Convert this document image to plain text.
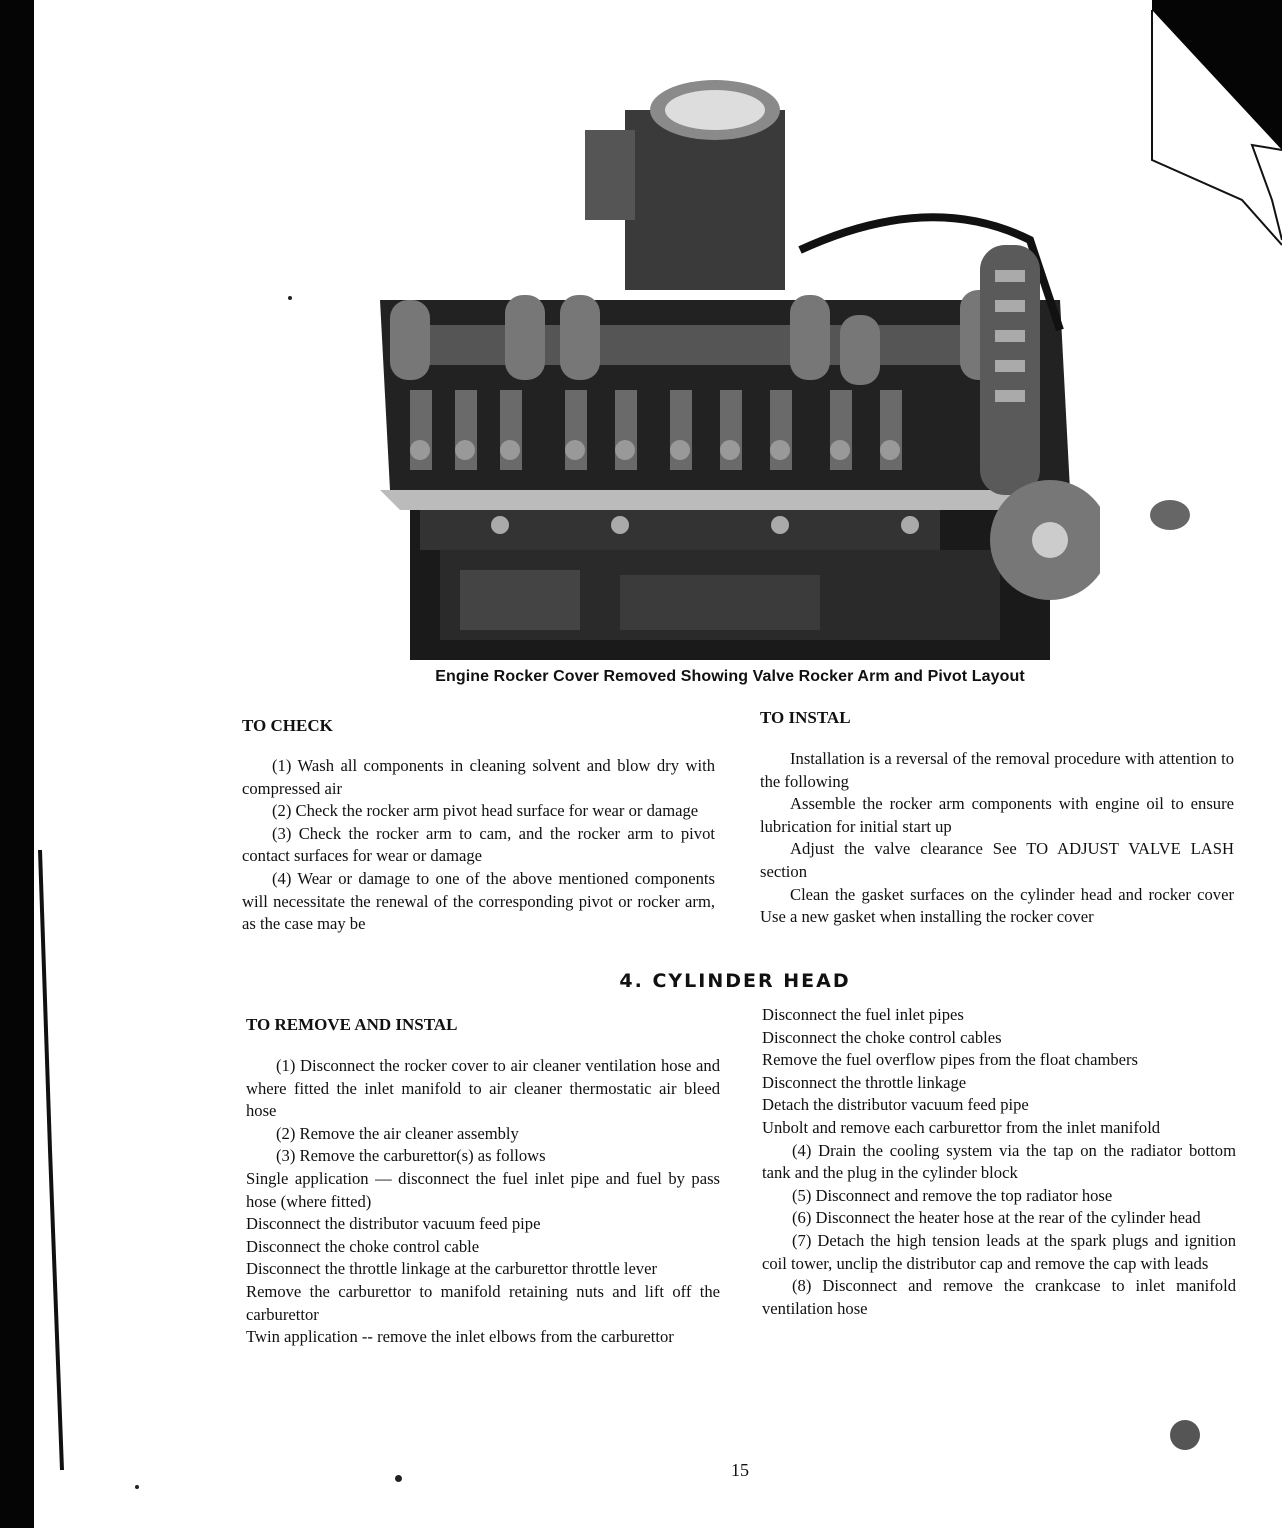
Engine Rocker Cover Removed Showing Valve Rocker Arm and Pivot Layout
TO CHECK

(1) Wash all components in cleaning solvent and blow dry with compressed air

(2) Check the rocker arm pivot head surface for wear or damage

(3) Check the rocker arm to cam, and the rocker arm to pivot contact surfaces for wear or damage

(4) Wear or damage to one of the above mentioned components will necessitate the renewal of the corresponding pivot or rocker arm, as the case may be

TO INSTAL

Installation is a reversal of the removal procedure with attention to the following

Assemble the rocker arm components with engine oil to ensure lubrication for initial start up

Adjust the valve clearance See TO ADJUST VALVE LASH section

Clean the gasket surfaces on the cylinder head and rocker cover Use a new gasket when installing the rocker cover

4. CYLINDER HEAD
TO REMOVE AND INSTAL

(1) Disconnect the rocker cover to air cleaner ventilation hose and where fitted the inlet manifold to air cleaner thermostatic air bleed hose

(2) Remove the air cleaner assembly

(3) Remove the carburettor(s) as follows

Single application — disconnect the fuel inlet pipe and fuel by pass hose (where fitted)

Disconnect the distributor vacuum feed pipe

Disconnect the choke control cable

Disconnect the throttle linkage at the carburettor throttle lever

Remove the carburettor to manifold retaining nuts and lift off the carburettor

Twin application -- remove the inlet elbows from the carburettor

Disconnect the fuel inlet pipes

Disconnect the choke control cables

Remove the fuel overflow pipes from the float chambers

Disconnect the throttle linkage

Detach the distributor vacuum feed pipe

Unbolt and remove each carburettor from the inlet manifold

(4) Drain the cooling system via the tap on the radiator bottom tank and the plug in the cylinder block

(5) Disconnect and remove the top radiator hose

(6) Disconnect the heater hose at the rear of the cylinder head

(7) Detach the high tension leads at the spark plugs and ignition coil tower, unclip the distributor cap and remove the cap with leads

(8) Disconnect and remove the crankcase to inlet manifold ventilation hose

15
